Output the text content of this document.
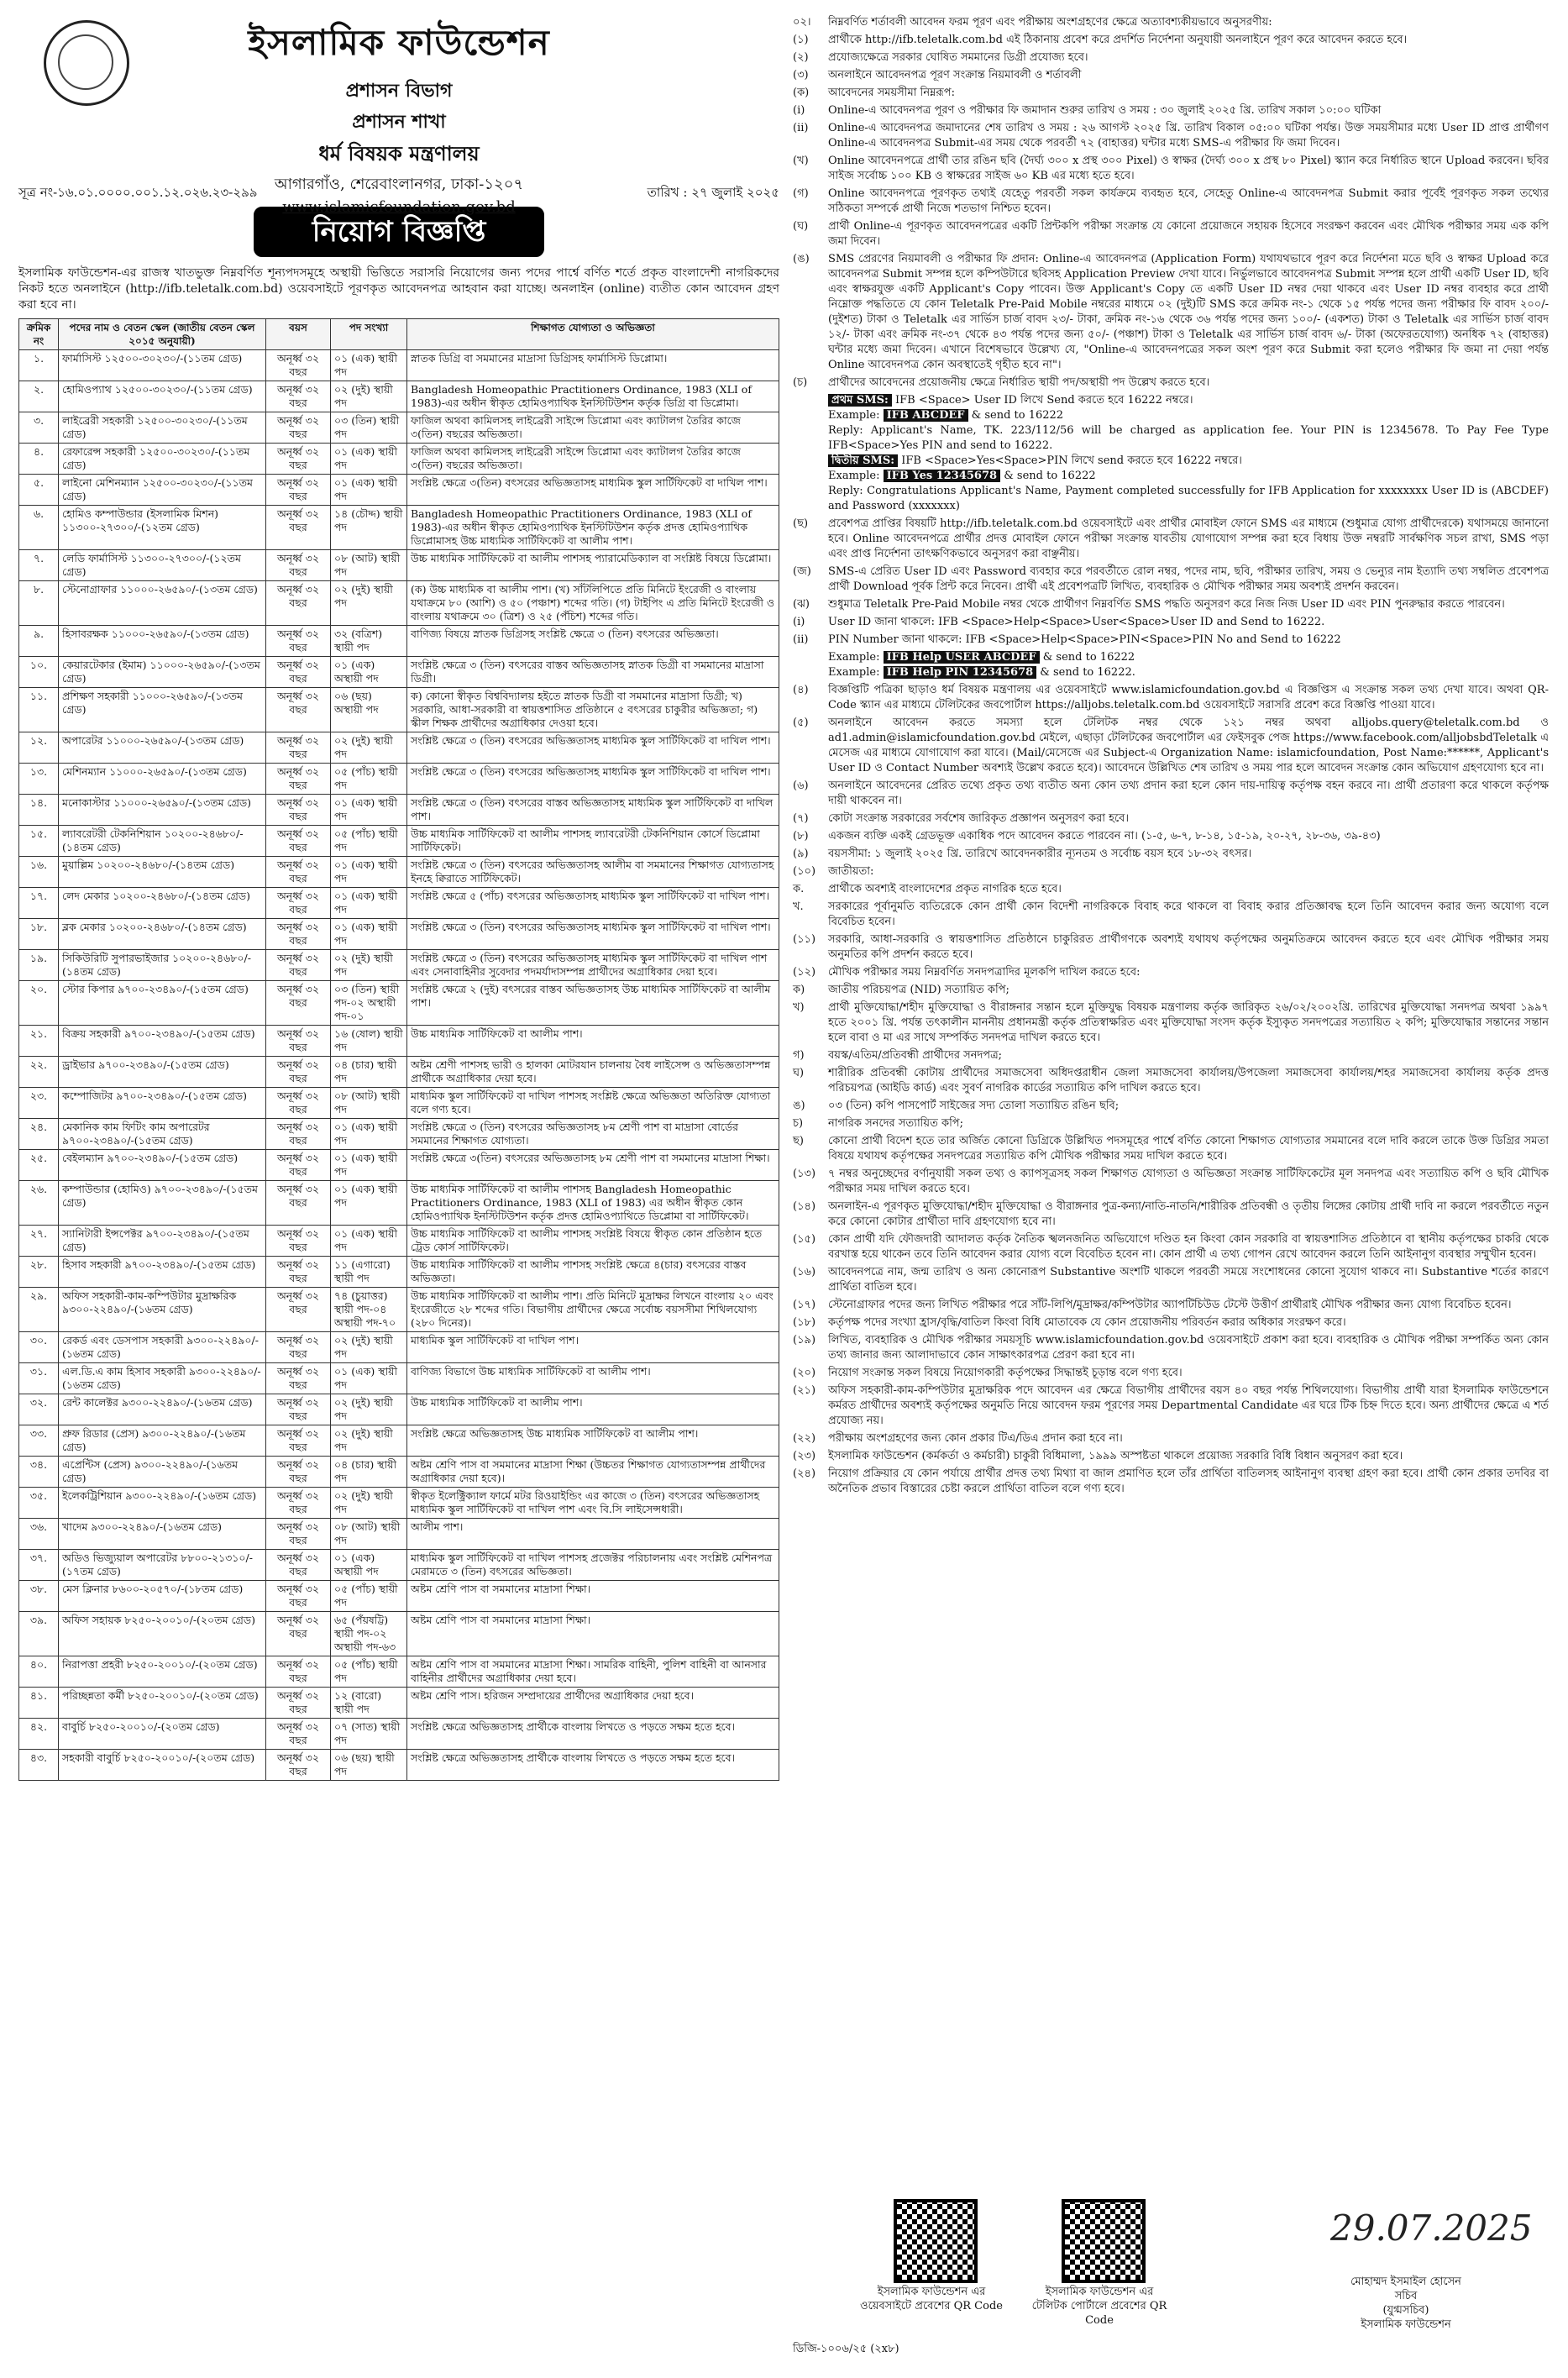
ইসলামিক ফাউন্ডেশন
প্রশাসন বিভাগ
প্রশাসন শাখা
ধর্ম বিষয়ক মন্ত্রণালয়
আগারগাঁও, শেরেবাংলানগর, ঢাকা-১২০৭
www.islamicfoundation.gov.bd
সূত্র নং-১৬.০১.০০০০.০০১.১২.০২৬.২৩-২৯৯	তারিখ : ২৭ জুলাই ২০২৫
নিয়োগ বিজ্ঞপ্তি
ইসলামিক ফাউন্ডেশন-এর রাজস্ব খাতভুক্ত নিম্নবর্ণিত শূন্যপদসমূহে অস্থায়ী ভিত্তিতে সরাসরি নিয়োগের জন্য পদের পার্শ্বে বর্ণিত শর্তে প্রকৃত বাংলাদেশী নাগরিকদের নিকট হতে অনলাইনে (http://ifb.teletalk.com.bd) ওয়েবসাইটে পূরণকৃত আবেদনপত্র আহবান করা যাচ্ছে। অনলাইন (online) ব্যতীত কোন আবেদন গ্রহণ করা হবে না।
ক্রমিক নং	পদের নাম ও বেতন স্কেল (জাতীয় বেতন স্কেল ২০১৫ অনুযায়ী)	বয়স	পদ সংখ্যা	শিক্ষাগত যোগ্যতা ও অভিজ্ঞতা
১.	ফার্মাসিস্ট ১২৫০০-৩০২৩০/-(১১তম গ্রেড)	অনূর্ধ্ব ৩২ বছর	০১ (এক) স্থায়ী পদ	স্নাতক ডিগ্রি বা সমমানের মাদ্রাসা ডিগ্রিসহ ফার্মাসিস্ট ডিপ্লোমা।
২.	হোমিওপ্যাথ ১২৫০০-৩০২৩০/-(১১তম গ্রেড)	অনূর্ধ্ব ৩২ বছর	০২ (দুই) স্থায়ী পদ	Bangladesh Homeopathic Practitioners Ordinance, 1983 (XLI of 1983)-এর অধীন স্বীকৃত হোমিওপ্যাথিক ইনস্টিটিউশন কর্তৃক ডিগ্রি বা ডিপ্লোমা।
৩.	লাইব্রেরী সহকারী ১২৫০০-৩০২৩০/-(১১তম গ্রেড)	অনূর্ধ্ব ৩২ বছর	০৩ (তিন) স্থায়ী পদ	ফাজিল অথবা কামিলসহ লাইব্রেরী সাইন্সে ডিপ্লোমা এবং ক্যাটালগ তৈরির কাজে ৩(তিন) বছরের অভিজ্ঞতা।
৪.	রেফারেন্স সহকারী ১২৫০০-৩০২৩০/-(১১তম গ্রেড)	অনূর্ধ্ব ৩২ বছর	০১ (এক) স্থায়ী পদ	ফাজিল অথবা কামিলসহ লাইব্রেরী সাইন্সে ডিপ্লোমা এবং ক্যাটালগ তৈরির কাজে ৩(তিন) বছরের অভিজ্ঞতা।
৫.	লাইনো মেশিনম্যান ১২৫০০-৩০২৩০/-(১১তম গ্রেড)	অনূর্ধ্ব ৩২ বছর	০১ (এক) স্থায়ী পদ	সংশ্লিষ্ট ক্ষেত্রে ৩(তিন) বৎসরের অভিজ্ঞতাসহ মাধ্যমিক স্কুল সার্টিফিকেট বা দাখিল পাশ।
৬.	হোমিও কম্পাউন্ডার (ইসলামিক মিশন) ১১৩০০-২৭৩০০/-(১২তম গ্রেড)	অনূর্ধ্ব ৩২ বছর	১৪ (চৌদ্দ) স্থায়ী পদ	Bangladesh Homeopathic Practitioners Ordinance, 1983 (XLI of 1983)-এর অধীন স্বীকৃত হোমিওপ্যাথিক ইনস্টিটিউশন কর্তৃক প্রদত্ত হোমিওপ্যাথিক ডিপ্লোমাসহ উচ্চ মাধ্যমিক সার্টিফিকেট বা আলীম পাশ।
৭.	লেডি ফার্মাসিস্ট ১১৩০০-২৭৩০০/-(১২তম গ্রেড)	অনূর্ধ্ব ৩২ বছর	০৮ (আট) স্থায়ী পদ	উচ্চ মাধ্যমিক সার্টিফিকেট বা আলীম পাশসহ প্যারামেডিক্যাল বা সংশ্লিষ্ট বিষয়ে ডিপ্লোমা।
৮.	স্টেনোগ্রাফার ১১০০০-২৬৫৯০/-(১৩তম গ্রেড)	অনূর্ধ্ব ৩২ বছর	০২ (দুই) স্থায়ী পদ	(ক) উচ্চ মাধ্যমিক বা আলীম পাশ। (খ) সাঁটলিপিতে প্রতি মিনিটে ইংরেজী ও বাংলায় যথাক্রমে ৮০ (আশি) ও ৫০ (পঞ্চাশ) শব্দের গতি। (গ) টাইপিং এ প্রতি মিনিটে ইংরেজী ও বাংলায় যথাক্রমে ৩০ (ত্রিশ) ও ২৫ (পঁচিশ) শব্দের গতি।
৯.	হিসাবরক্ষক ১১০০০-২৬৫৯০/-(১৩তম গ্রেড)	অনূর্ধ্ব ৩২ বছর	৩২ (বত্রিশ) স্থায়ী পদ	বাণিজ্য বিষয়ে স্নাতক ডিগ্রিসহ সংশ্লিষ্ট ক্ষেত্রে ৩ (তিন) বৎসরের অভিজ্ঞতা।
১০.	কেয়ারটেকার (ইমাম) ১১০০০-২৬৫৯০/-(১৩তম গ্রেড)	অনূর্ধ্ব ৩২ বছর	০১ (এক) অস্থায়ী পদ	সংশ্লিষ্ট ক্ষেত্রে ৩ (তিন) বৎসরের বাস্তব অভিজ্ঞতাসহ স্নাতক ডিগ্রী বা সমমানের মাদ্রাসা ডিগ্রী।
১১.	প্রশিক্ষণ সহকারী ১১০০০-২৬৫৯০/-(১৩তম গ্রেড)	অনূর্ধ্ব ৩২ বছর	০৬ (ছয়) অস্থায়ী পদ	ক) কোনো স্বীকৃত বিশ্ববিদ্যালয় হইতে স্নাতক ডিগ্রী বা সমমানের মাদ্রাসা ডিগ্রী; খ) সরকারি, আধা-সরকারী বা স্বায়ত্তশাসিত প্রতিষ্ঠানে ৫ বৎসরের চাকুরীর অভিজ্ঞতা; গ) স্কীল শিক্ষক প্রার্থীদের অগ্রাধিকার দেওয়া হবে।
১২.	অপারেটর ১১০০০-২৬৫৯০/-(১৩তম গ্রেড)	অনূর্ধ্ব ৩২ বছর	০২ (দুই) স্থায়ী পদ	সংশ্লিষ্ট ক্ষেত্রে ৩ (তিন) বৎসরের অভিজ্ঞতাসহ মাধ্যমিক স্কুল সার্টিফিকেট বা দাখিল পাশ।
১৩.	মেশিনম্যান ১১০০০-২৬৫৯০/-(১৩তম গ্রেড)	অনূর্ধ্ব ৩২ বছর	০৫ (পাঁচ) স্থায়ী পদ	সংশ্লিষ্ট ক্ষেত্রে ৩ (তিন) বৎসরের অভিজ্ঞতাসহ মাধ্যমিক স্কুল সার্টিফিকেট বা দাখিল পাশ।
১৪.	মনোকাস্টার ১১০০০-২৬৫৯০/-(১৩তম গ্রেড)	অনূর্ধ্ব ৩২ বছর	০১ (এক) স্থায়ী পদ	সংশ্লিষ্ট ক্ষেত্রে ৩ (তিন) বৎসরের বাস্তব অভিজ্ঞতাসহ মাধ্যমিক স্কুল সার্টিফিকেট বা দাখিল পাশ।
১৫.	ল্যাবরেটরী টেকনিশিয়ান ১০২০০-২৪৬৮০/-(১৪তম গ্রেড)	অনূর্ধ্ব ৩২ বছর	০৫ (পাঁচ) স্থায়ী পদ	উচ্চ মাধ্যমিক সার্টিফিকেট বা আলীম পাশসহ ল্যাবরেটরী টেকনিশিয়ান কোর্সে ডিপ্লোমা সার্টিফিকেট।
১৬.	মুয়াল্লিম ১০২০০-২৪৬৮০/-(১৪তম গ্রেড)	অনূর্ধ্ব ৩২ বছর	০১ (এক) স্থায়ী পদ	সংশ্লিষ্ট ক্ষেত্রে ৩ (তিন) বৎসরের অভিজ্ঞতাসহ আলীম বা সমমানের শিক্ষাগত যোগ্যতাসহ ইনহে ক্বিরাতে সার্টিফিকেট।
১৭.	লেদ মেকার ১০২০০-২৪৬৮০/-(১৪তম গ্রেড)	অনূর্ধ্ব ৩২ বছর	০১ (এক) স্থায়ী পদ	সংশ্লিষ্ট ক্ষেত্রে ৫ (পাঁচ) বৎসরের অভিজ্ঞতাসহ মাধ্যমিক স্কুল সার্টিফিকেট বা দাখিল পাশ।
১৮.	ব্লক মেকার ১০২০০-২৪৬৮০/-(১৪তম গ্রেড)	অনূর্ধ্ব ৩২ বছর	০১ (এক) স্থায়ী পদ	সংশ্লিষ্ট ক্ষেত্রে ৩ (তিন) বৎসরের অভিজ্ঞতাসহ মাধ্যমিক স্কুল সার্টিফিকেট বা দাখিল পাশ।
১৯.	সিকিউরিটি সুপারভাইজার ১০২০০-২৪৬৮০/-(১৪তম গ্রেড)	অনূর্ধ্ব ৩২ বছর	০২ (দুই) স্থায়ী পদ	সংশ্লিষ্ট ক্ষেত্রে ৩ (তিন) বৎসরের অভিজ্ঞতাসহ মাধ্যমিক স্কুল সার্টিফিকেট বা দাখিল পাশ এবং সেনাবাহিনীর সুবেদার পদমর্যাদাসম্পন্ন প্রার্থীদের অগ্রাধিকার দেয়া হবে।
২০.	স্টোর কিপার ৯৭০০-২৩৪৯০/-(১৫তম গ্রেড)	অনূর্ধ্ব ৩২ বছর	০৩ (তিন) স্থায়ী পদ-০২ অস্থায়ী পদ-০১	সংশ্লিষ্ট ক্ষেত্রে ২ (দুই) বৎসরের বাস্তব অভিজ্ঞতাসহ উচ্চ মাধ্যমিক সার্টিফিকেট বা আলীম পাশ।
২১.	বিক্রয় সহকারী ৯৭০০-২৩৪৯০/-(১৫তম গ্রেড)	অনূর্ধ্ব ৩২ বছর	১৬ (ষোল) স্থায়ী পদ	উচ্চ মাধ্যমিক সার্টিফিকেট বা আলীম পাশ।
২২.	ড্রাইভার ৯৭০০-২৩৪৯০/-(১৫তম গ্রেড)	অনূর্ধ্ব ৩২ বছর	০৪ (চার) স্থায়ী পদ	অষ্টম শ্রেণী পাশসহ ভারী ও হালকা মোটরযান চালনায় বৈধ লাইসেন্স ও অভিজ্ঞতাসম্পন্ন প্রার্থীকে অগ্রাধিকার দেয়া হবে।
২৩.	কম্পোজিটর ৯৭০০-২৩৪৯০/-(১৫তম গ্রেড)	অনূর্ধ্ব ৩২ বছর	০৮ (আট) স্থায়ী পদ	মাধ্যমিক স্কুল সার্টিফিকেট বা দাখিল পাশসহ সংশ্লিষ্ট ক্ষেত্রে অভিজ্ঞতা অতিরিক্ত যোগ্যতা বলে গণ্য হবে।
২৪.	মেকানিক কাম ফিটিং কাম অপারেটর ৯৭০০-২৩৪৯০/-(১৫তম গ্রেড)	অনূর্ধ্ব ৩২ বছর	০১ (এক) স্থায়ী পদ	সংশ্লিষ্ট ক্ষেত্রে ৩ (তিন) বৎসরের অভিজ্ঞতাসহ ৮ম শ্রেণী পাশ বা মাদ্রাসা বোর্ডের সমমানের শিক্ষাগত যোগ্যতা।
২৫.	বেইলম্যান ৯৭০০-২৩৪৯০/-(১৫তম গ্রেড)	অনূর্ধ্ব ৩২ বছর	০১ (এক) স্থায়ী পদ	সংশ্লিষ্ট ক্ষেত্রে ৩(তিন) বৎসরের অভিজ্ঞতাসহ ৮ম শ্রেণী পাশ বা সমমানের মাদ্রাসা শিক্ষা।
২৬.	কম্পাউন্ডার (হোমিও) ৯৭০০-২৩৪৯০/-(১৫তম গ্রেড)	অনূর্ধ্ব ৩২ বছর	০১ (এক) স্থায়ী পদ	উচ্চ মাধ্যমিক সার্টিফিকেট বা আলীম পাশসহ Bangladesh Homeopathic Practitioners Ordinance, 1983 (XLI of 1983) এর অধীন স্বীকৃত কোন হোমিওপ্যাথিক ইনস্টিটিউশন কর্তৃক প্রদত্ত হোমিওপ্যাথিতে ডিপ্লোমা বা সার্টিফিকেট।
২৭.	স্যানিটারী ইন্সপেক্টর ৯৭০০-২৩৪৯০/-(১৫তম গ্রেড)	অনূর্ধ্ব ৩২ বছর	০১ (এক) স্থায়ী পদ	উচ্চ মাধ্যমিক সার্টিফিকেট বা আলীম পাশসহ সংশ্লিষ্ট বিষয়ে স্বীকৃত কোন প্রতিষ্ঠান হতে ট্রেড কোর্স সার্টিফিকেট।
২৮.	হিসাব সহকারী ৯৭০০-২৩৪৯০/-(১৫তম গ্রেড)	অনূর্ধ্ব ৩২ বছর	১১ (এগারো) স্থায়ী পদ	উচ্চ মাধ্যমিক সার্টিফিকেট বা আলীম পাশসহ সংশ্লিষ্ট ক্ষেত্রে ৪(চার) বৎসরের বাস্তব অভিজ্ঞতা।
২৯.	অফিস সহকারী-কাম-কম্পিউটার মুদ্রাক্ষরিক ৯৩০০-২২৪৯০/-(১৬তম গ্রেড)	অনূর্ধ্ব ৩২ বছর	৭৪ (চুয়াত্তর) স্থায়ী পদ-০৪ অস্থায়ী পদ-৭০	উচ্চ মাধ্যমিক সার্টিফিকেট বা আলীম পাশ। প্রতি মিনিটে মুদ্রাক্ষর লিখনে বাংলায় ২০ এবং ইংরেজীতে ২৮ শব্দের গতি। বিভাগীয় প্রার্থীদের ক্ষেত্রে সর্বোচ্চ বয়সসীমা শিথিলযোগ্য (২৮০ দিনের)।
৩০.	রেকর্ড এবং ডেসপাস সহকারী ৯৩০০-২২৪৯০/-(১৬তম গ্রেড)	অনূর্ধ্ব ৩২ বছর	০২ (দুই) স্থায়ী পদ	মাধ্যমিক স্কুল সার্টিফিকেট বা দাখিল পাশ।
৩১.	এল.ডি.এ কাম হিসাব সহকারী ৯৩০০-২২৪৯০/-(১৬তম গ্রেড)	অনূর্ধ্ব ৩২ বছর	০১ (এক) স্থায়ী পদ	বাণিজ্য বিভাগে উচ্চ মাধ্যমিক সার্টিফিকেট বা আলীম পাশ।
৩২.	রেন্ট কালেক্টর ৯৩০০-২২৪৯০/-(১৬তম গ্রেড)	অনূর্ধ্ব ৩২ বছর	০২ (দুই) স্থায়ী পদ	উচ্চ মাধ্যমিক সার্টিফিকেট বা আলীম পাশ।
৩৩.	প্রুফ রিডার (প্রেস) ৯৩০০-২২৪৯০/-(১৬তম গ্রেড)	অনূর্ধ্ব ৩২ বছর	০২ (দুই) স্থায়ী পদ	সংশ্লিষ্ট ক্ষেত্রে অভিজ্ঞতাসহ উচ্চ মাধ্যমিক সার্টিফিকেট বা আলীম পাশ।
৩৪.	এপ্রেন্টিস (প্রেস) ৯৩০০-২২৪৯০/-(১৬তম গ্রেড)	অনূর্ধ্ব ৩২ বছর	০৪ (চার) স্থায়ী পদ	অষ্টম শ্রেণি পাস বা সমমানের মাদ্রাসা শিক্ষা (উচ্চতর শিক্ষাগত যোগ্যতাসম্পন্ন প্রার্থীদের অগ্রাধিকার দেয়া হবে)।
৩৫.	ইলেকট্রিশিয়ান ৯৩০০-২২৪৯০/-(১৬তম গ্রেড)	অনূর্ধ্ব ৩২ বছর	০২ (দুই) স্থায়ী পদ	স্বীকৃত ইলেক্ট্রিক্যাল ফার্মে মটর রিওয়াইন্ডিং এর কাজে ৩ (তিন) বৎসরের অভিজ্ঞতাসহ মাধ্যমিক স্কুল সার্টিফিকেট বা দাখিল পাশ এবং বি.সি লাইসেন্সধারী।
৩৬.	খাদেম ৯৩০০-২২৪৯০/-(১৬তম গ্রেড)	অনূর্ধ্ব ৩২ বছর	০৮ (আট) স্থায়ী পদ	আলীম পাশ।
৩৭.	অডিও ভিজ্যুয়াল অপারেটর ৮৮০০-২১৩১০/-(১৭তম গ্রেড)	অনূর্ধ্ব ৩২ বছর	০১ (এক) অস্থায়ী পদ	মাধ্যমিক স্কুল সার্টিফিকেট বা দাখিল পাশসহ প্রজেক্টর পরিচালনায় এবং সংশ্লিষ্ট মেশিনপত্র মেরামতে ৩ (তিন) বৎসরের অভিজ্ঞতা।
৩৮.	মেস ক্লিনার ৮৬০০-২০৫৭০/-(১৮তম গ্রেড)	অনূর্ধ্ব ৩২ বছর	০৫ (পাঁচ) স্থায়ী পদ	অষ্টম শ্রেণি পাস বা সমমানের মাদ্রাসা শিক্ষা।
৩৯.	অফিস সহায়ক ৮২৫০-২০০১০/-(২০তম গ্রেড)	অনূর্ধ্ব ৩২ বছর	৬৫ (পঁয়ষট্টি) স্থায়ী পদ-০২ অস্থায়ী পদ-৬৩	অষ্টম শ্রেণি পাস বা সমমানের মাদ্রাসা শিক্ষা।
৪০.	নিরাপত্তা প্রহরী ৮২৫০-২০০১০/-(২০তম গ্রেড)	অনূর্ধ্ব ৩২ বছর	০৫ (পাঁচ) স্থায়ী পদ	অষ্টম শ্রেণি পাস বা সমমানের মাদ্রাসা শিক্ষা। সামরিক বাহিনী, পুলিশ বাহিনী বা আনসার বাহিনীর প্রার্থীদের অগ্রাধিকার দেয়া হবে।
৪১.	পরিচ্ছন্নতা কর্মী ৮২৫০-২০০১০/-(২০তম গ্রেড)	অনূর্ধ্ব ৩২ বছর	১২ (বারো) স্থায়ী পদ	অষ্টম শ্রেণি পাস। হরিজন সম্প্রদায়ের প্রার্থীদের অগ্রাধিকার দেয়া হবে।
৪২.	বাবুর্চি ৮২৫০-২০০১০/-(২০তম গ্রেড)	অনূর্ধ্ব ৩২ বছর	০৭ (সাত) স্থায়ী পদ	সংশ্লিষ্ট ক্ষেত্রে অভিজ্ঞতাসহ প্রার্থীকে বাংলায় লিখতে ও পড়তে সক্ষম হতে হবে।
৪৩.	সহকারী বাবুর্চি ৮২৫০-২০০১০/-(২০তম গ্রেড)	অনূর্ধ্ব ৩২ বছর	০৬ (ছয়) স্থায়ী পদ	সংশ্লিষ্ট ক্ষেত্রে অভিজ্ঞতাসহ প্রার্থীকে বাংলায় লিখতে ও পড়তে সক্ষম হতে হবে।
০২।	নিম্নবর্ণিত শর্তাবলী আবেদন ফরম পূরণ এবং পরীক্ষায় অংশগ্রহণের ক্ষেত্রে অত্যাবশ্যকীয়ভাবে অনুসরণীয়:
(১)	প্রার্থীকে http://ifb.teletalk.com.bd এই ঠিকানায় প্রবেশ করে প্রদর্শিত নির্দেশনা অনুযায়ী অনলাইনে পূরণ করে আবেদন করতে হবে।
(২)	প্রযোজ্যক্ষেত্রে সরকার ঘোষিত সমমানের ডিগ্রী প্রযোজ্য হবে।
(৩)	অনলাইনে আবেদনপত্র পূরণ সংক্রান্ত নিয়মাবলী ও শর্তাবলী
(ক)	আবেদনের সময়সীমা নিম্নরূপ:
(i)	Online-এ আবেদনপত্র পূরণ ও পরীক্ষার ফি জমাদান শুরুর তারিখ ও সময় : ৩০ জুলাই ২০২৫ খ্রি. তারিখ সকাল ১০:০০ ঘটিকা
(ii)	Online-এ আবেদনপত্র জমাদানের শেষ তারিখ ও সময় : ২৬ আগস্ট ২০২৫ খ্রি. তারিখ বিকাল ০৫:০০ ঘটিকা পর্যন্ত। উক্ত সময়সীমার মধ্যে User ID প্রাপ্ত প্রার্থীগণ Online-এ আবেদনপত্র Submit-এর সময় থেকে পরবর্তী ৭২ (বাহাত্তর) ঘন্টার মধ্যে SMS-এ পরীক্ষার ফি জমা দিবেন।
(খ)	Online আবেদনপত্রে প্রার্থী তার রঙিন ছবি (দৈর্ঘ্য ৩০০ x প্রস্থ ৩০০ Pixel) ও স্বাক্ষর (দৈর্ঘ্য ৩০০ x প্রস্থ ৮০ Pixel) স্ক্যান করে নির্ধারিত স্থানে Upload করবেন। ছবির সাইজ সর্বোচ্চ ১০০ KB ও স্বাক্ষরের সাইজ ৬০ KB এর মধ্যে হতে হবে।
(গ)	Online আবেদনপত্রে পূরণকৃত তথ্যই যেহেতু পরবর্তী সকল কার্যক্রমে ব্যবহৃত হবে, সেহেতু Online-এ আবেদনপত্র Submit করার পূর্বেই পূরণকৃত সকল তথ্যের সঠিকতা সম্পর্কে প্রার্থী নিজে শতভাগ নিশ্চিত হবেন।
(ঘ)	প্রার্থী Online-এ পূরণকৃত আবেদনপত্রের একটি প্রিন্টকপি পরীক্ষা সংক্রান্ত যে কোনো প্রয়োজনে সহায়ক হিসেবে সংরক্ষণ করবেন এবং মৌখিক পরীক্ষার সময় এক কপি জমা দিবেন।
(ঙ)	SMS প্রেরণের নিয়মাবলী ও পরীক্ষার ফি প্রদান: Online-এ আবেদনপত্র (Application Form) যথাযথভাবে পূরণ করে নির্দেশনা মতে ছবি ও স্বাক্ষর Upload করে আবেদনপত্র Submit সম্পন্ন হলে কম্পিউটারে ছবিসহ Application Preview দেখা যাবে। নির্ভুলভাবে আবেদনপত্র Submit সম্পন্ন হলে প্রার্থী একটি User ID, ছবি এবং স্বাক্ষরযুক্ত একটি Applicant's Copy পাবেন। উক্ত Applicant's Copy তে একটি User ID নম্বর দেয়া থাকবে এবং User ID নম্বর ব্যবহার করে প্রার্থী নিম্নোক্ত পদ্ধতিতে যে কোন Teletalk Pre-Paid Mobile নম্বরের মাধ্যমে ০২ (দুই)টি SMS করে ক্রমিক নং-১ থেকে ১৫ পর্যন্ত পদের জন্য পরীক্ষার ফি বাবদ ২০০/- (দুইশত) টাকা ও Teletalk এর সার্ভিস চার্জ বাবদ ২৩/- টাকা, ক্রমিক নং-১৬ থেকে ৩৬ পর্যন্ত পদের জন্য ১০০/- (একশত) টাকা ও Teletalk এর সার্ভিস চার্জ বাবদ ১২/- টাকা এবং ক্রমিক নং-৩৭ থেকে ৪৩ পর্যন্ত পদের জন্য ৫০/- (পঞ্চাশ) টাকা ও Teletalk এর সার্ভিস চার্জ বাবদ ৬/- টাকা (অফেরতযোগ্য) অনধিক ৭২ (বাহাত্তর) ঘন্টার মধ্যে জমা দিবেন। এখানে বিশেষভাবে উল্লেখ্য যে, "Online-এ আবেদনপত্রের সকল অংশ পূরণ করে Submit করা হলেও পরীক্ষার ফি জমা না দেয়া পর্যন্ত Online আবেদনপত্র কোন অবস্থাতেই গৃহীত হবে না"।
(চ)	প্রার্থীদের আবেদনের প্রয়োজনীয় ক্ষেত্রে নির্ধারিত স্থায়ী পদ/অস্থায়ী পদ উল্লেখ করতে হবে।
প্রথম SMS: IFB <Space> User ID লিখে Send করতে হবে 16222 নম্বরে।
Example: IFB ABCDEF & send to 16222
Reply: Applicant's Name, TK. 223/112/56 will be charged as application fee. Your PIN is 12345678. To Pay Fee Type IFB<Space>Yes PIN and send to 16222.
দ্বিতীয় SMS: IFB <Space>Yes<Space>PIN লিখে send করতে হবে 16222 নম্বরে।
Example: IFB Yes 12345678 & send to 16222
Reply: Congratulations Applicant's Name, Payment completed successfully for IFB Application for xxxxxxxx User ID is (ABCDEF) and Password (xxxxxxx)
(ছ)	প্রবেশপত্র প্রাপ্তির বিষয়টি http://ifb.teletalk.com.bd ওয়েবসাইটে এবং প্রার্থীর মোবাইল ফোনে SMS এর মাধ্যমে (শুধুমাত্র যোগ্য প্রার্থীদেরকে) যথাসময়ে জানানো হবে। Online আবেদনপত্রে প্রার্থীর প্রদত্ত মোবাইল ফোনে পরীক্ষা সংক্রান্ত যাবতীয় যোগাযোগ সম্পন্ন করা হবে বিধায় উক্ত নম্বরটি সার্বক্ষণিক সচল রাখা, SMS পড়া এবং প্রাপ্ত নির্দেশনা তাৎক্ষণিকভাবে অনুসরণ করা বাঞ্ছনীয়।
(জ)	SMS-এ প্রেরিত User ID এবং Password ব্যবহার করে পরবর্তীতে রোল নম্বর, পদের নাম, ছবি, পরীক্ষার তারিখ, সময় ও ভেন্যুর নাম ইত্যাদি তথ্য সম্বলিত প্রবেশপত্র প্রার্থী Download পূর্বক প্রিন্ট করে নিবেন। প্রার্থী এই প্রবেশপত্রটি লিখিত, ব্যবহারিক ও মৌখিক পরীক্ষার সময় অবশ্যই প্রদর্শন করবেন।
(ঝ)	শুধুমাত্র Teletalk Pre-Paid Mobile নম্বর থেকে প্রার্থীগণ নিম্নবর্ণিত SMS পদ্ধতি অনুসরণ করে নিজ নিজ User ID এবং PIN পুনরুদ্ধার করতে পারবেন।
(i)	User ID জানা থাকলে: IFB <Space>Help<Space>User<Space>User ID and Send to 16222.
(ii)	PIN Number জানা থাকলে: IFB <Space>Help<Space>PIN<Space>PIN No and Send to 16222
Example: IFB Help USER ABCDEF & send to 16222
Example: IFB Help PIN 12345678 & send to 16222.
(৪)	বিজ্ঞপ্তিটি পত্রিকা ছাড়াও ধর্ম বিষয়ক মন্ত্রণালয় এর ওয়েবসাইটে www.islamicfoundation.gov.bd এ বিজ্ঞপ্তিস এ সংক্রান্ত সকল তথ্য দেখা যাবে। অথবা QR-Code স্ক্যান এর মাধ্যমে টেলিটকের জবপোর্টাল https://alljobs.teletalk.com.bd ওয়েবসাইটে সরাসরি প্রবেশ করে বিজ্ঞপ্তি পাওয়া যাবে।
(৫)	অনলাইনে আবেদন করতে সমস্যা হলে টেলিটক নম্বর থেকে ১২১ নম্বর অথবা alljobs.query@teletalk.com.bd ও ad1.admin@islamicfoundation.gov.bd মেইলে, এছাড়া টেলিটকের জবপোর্টাল এর ফেইসবুক পেজ https://www.facebook.com/alljobsbdTeletalk এ মেসেজ এর মাধ্যমে যোগাযোগ করা যাবে। (Mail/মেসেজে এর Subject-এ Organization Name: islamicfoundation, Post Name:******, Applicant's User ID ও Contact Number অবশ্যই উল্লেখ করতে হবে)। আবেদনে উল্লিখিত শেষ তারিখ ও সময় পার হলে আবেদন সংক্রান্ত কোন অভিযোগ গ্রহণযোগ্য হবে না।
(৬)	অনলাইনে আবেদনের প্রেরিত তথ্যে প্রকৃত তথ্য ব্যতীত অন্য কোন তথ্য প্রদান করা হলে কোন দায়-দায়িত্ব কর্তৃপক্ষ বহন করবে না। প্রার্থী প্রতারণা করে থাকলে কর্তৃপক্ষ দায়ী থাকবেন না।
(৭)	কোটা সংক্রান্ত সরকারের সর্বশেষ জারিকৃত প্রজ্ঞাপন অনুসরণ করা হবে।
(৮)	একজন ব্যক্তি একই গ্রেডভূক্ত একাধিক পদে আবেদন করতে পারবেন না। (১-৫, ৬-৭, ৮-১৪, ১৫-১৯, ২০-২৭, ২৮-৩৬, ৩৯-৪৩)
(৯)	বয়সসীমা: ১ জুলাই ২০২৫ খ্রি. তারিখে আবেদনকারীর ন্যূনতম ও সর্বোচ্চ বয়স হবে ১৮-৩২ বৎসর।
(১০)	জাতীয়তা:
ক.	প্রার্থীকে অবশ্যই বাংলাদেশের প্রকৃত নাগরিক হতে হবে।
খ.	সরকারের পূর্বানুমতি ব্যতিরেকে কোন প্রার্থী কোন বিদেশী নাগরিককে বিবাহ করে থাকলে বা বিবাহ করার প্রতিজ্ঞাবদ্ধ হলে তিনি আবেদন করার জন্য অযোগ্য বলে বিবেচিত হবেন।
(১১)	সরকারি, আধা-সরকারি ও স্বায়ত্তশাসিত প্রতিষ্ঠানে চাকুরিরত প্রার্থীগণকে অবশ্যই যথাযথ কর্তৃপক্ষের অনুমতিক্রমে আবেদন করতে হবে এবং মৌখিক পরীক্ষার সময় অনুমতির কপি প্রদর্শন করতে হবে।
(১২)	মৌখিক পরীক্ষার সময় নিম্নবর্ণিত সনদপত্রাদির মূলকপি দাখিল করতে হবে:
ক)	জাতীয় পরিচয়পত্র (NID) সত্যায়িত কপি;
খ)	প্রার্থী মুক্তিযোদ্ধা/শহীদ মুক্তিযোদ্ধা ও বীরাঙ্গনার সন্তান হলে মুক্তিযুদ্ধ বিষয়ক মন্ত্রণালয় কর্তৃক জারিকৃত ২৬/০২/২০০২খ্রি. তারিখের মুক্তিযোদ্ধা সনদপত্র অথবা ১৯৯৭ হতে ২০০১ খ্রি. পর্যন্ত তৎকালীন মাননীয় প্রধানমন্ত্রী কর্তৃক প্রতিস্বাক্ষরিত এবং মুক্তিযোদ্ধা সংসদ কর্তৃক ইস্যুকৃত সনদপত্রের সত্যায়িত ২ কপি; মুক্তিযোদ্ধার সন্তানের সন্তান হলে বাবা ও মা এর সাথে সম্পর্কিত সনদপত্র দাখিল করতে হবে।
গ)	বয়স্ক/এতিম/প্রতিবন্ধী প্রার্থীদের সনদপত্র;
ঘ)	শারীরিক প্রতিবন্ধী কোটায় প্রার্থীদের সমাজসেবা অধিদপ্তরাধীন জেলা সমাজসেবা কার্যালয়/উপজেলা সমাজসেবা কার্যালয়/শহর সমাজসেবা কার্যালয় কর্তৃক প্রদত্ত পরিচয়পত্র (আইডি কার্ড) এবং সুবর্ণ নাগরিক কার্ডের সত্যায়িত কপি দাখিল করতে হবে।
ঙ)	০৩ (তিন) কপি পাসপোর্ট সাইজের সদ্য তোলা সত্যায়িত রঙিন ছবি;
চ)	নাগরিক সনদের সত্যায়িত কপি;
ছ)	কোনো প্রার্থী বিদেশ হতে তার অর্জিত কোনো ডিগ্রিকে উল্লিখিত পদসমূহের পার্শ্বে বর্ণিত কোনো শিক্ষাগত যোগ্যতার সমমানের বলে দাবি করলে তাকে উক্ত ডিগ্রির সমতা বিষয়ে যথাযথ কর্তৃপক্ষের সনদপত্রের সত্যায়িত কপি মৌখিক পরীক্ষার সময় দাখিল করতে হবে।
(১৩)	৭ নম্বর অনুচ্ছেদের বর্ণানুযায়ী সকল তথ্য ও ক্যাপসূত্রসহ সকল শিক্ষাগত যোগ্যতা ও অভিজ্ঞতা সংক্রান্ত সার্টিফিকেটের মূল সনদপত্র এবং সত্যায়িত কপি ও ছবি মৌখিক পরীক্ষার সময় দাখিল করতে হবে।
(১৪)	অনলাইন-এ পূরণকৃত মুক্তিযোদ্ধা/শহীদ মুক্তিযোদ্ধা ও বীরাঙ্গনার পুত্র-কন্যা/নাতি-নাতনি/শারীরিক প্রতিবন্ধী ও তৃতীয় লিঙ্গের কোটায় প্রার্থী দাবি না করলে পরবর্তীতে নতুন করে কোনো কোটার প্রার্থীতা দাবি গ্রহণযোগ্য হবে না।
(১৫)	কোন প্রার্থী যদি ফৌজদারী আদালত কর্তৃক নৈতিক স্খলনজনিত অভিযোগে দণ্ডিত হন কিংবা কোন সরকারি বা স্বায়ত্তশাসিত প্রতিষ্ঠানে বা স্থানীয় কর্তৃপক্ষের চাকরি থেকে বরখাস্ত হয়ে থাকেন তবে তিনি আবেদন করার যোগ্য বলে বিবেচিত হবেন না। কোন প্রার্থী এ তথ্য গোপন রেখে আবেদন করলে তিনি আইনানুগ ব্যবস্থার সম্মুখীন হবেন।
(১৬)	আবেদনপত্রে নাম, জন্ম তারিখ ও অন্য কোনোরূপ Substantive অংশটি থাকলে পরবর্তী সময়ে সংশোধনের কোনো সুযোগ থাকবে না। Substantive শর্তের কারণে প্রার্থিতা বাতিল হবে।
(১৭)	স্টেনোগ্রাফার পদের জন্য লিখিত পরীক্ষার পরে সাঁট-লিপি/মুদ্রাক্ষর/কম্পিউটার অ্যাপটিচিউড টেস্টে উত্তীর্ণ প্রার্থীরাই মৌখিক পরীক্ষার জন্য যোগ্য বিবেচিত হবেন।
(১৮)	কর্তৃপক্ষ পদের সংখ্যা হ্রাস/বৃদ্ধি/বাতিল কিংবা বিধি মোতাবেক যে কোন প্রয়োজনীয় পরিবর্তন করার অধিকার সংরক্ষণ করে।
(১৯)	লিখিত, ব্যবহারিক ও মৌখিক পরীক্ষার সময়সূচি www.islamicfoundation.gov.bd ওয়েবসাইটে প্রকাশ করা হবে। ব্যবহারিক ও মৌখিক পরীক্ষা সম্পর্কিত অন্য কোন তথ্য জানার জন্য আলাদাভাবে কোন সাক্ষাৎকারপত্র প্রেরণ করা হবে না।
(২০)	নিয়োগ সংক্রান্ত সকল বিষয়ে নিয়োগকারী কর্তৃপক্ষের সিদ্ধান্তই চূড়ান্ত বলে গণ্য হবে।
(২১)	অফিস সহকারী-কাম-কম্পিউটার মুদ্রাক্ষরিক পদে আবেদন এর ক্ষেত্রে বিভাগীয় প্রার্থীদের বয়স ৪০ বছর পর্যন্ত শিথিলযোগ্য। বিভাগীয় প্রার্থী যারা ইসলামিক ফাউন্ডেশনে কর্মরত প্রার্থীদের অবশ্যই কর্তৃপক্ষের অনুমতি নিয়ে আবেদন ফরম পূরণের সময় Departmental Candidate এর ঘরে টিক চিহ্ন দিতে হবে। অন্য প্রার্থীদের ক্ষেত্রে এ শর্ত প্রযোজ্য নয়।
(২২)	পরীক্ষায় অংশগ্রহণের জন্য কোন প্রকার টিএ/ডিএ প্রদান করা হবে না।
(২৩)	ইসলামিক ফাউন্ডেশন (কর্মকর্তা ও কর্মচারী) চাকুরী বিধিমালা, ১৯৯৯ অস্পষ্টতা থাকলে প্রয়োজ্য সরকারি বিধি বিধান অনুসরণ করা হবে।
(২৪)	নিয়োগ প্রক্রিয়ার যে কোন পর্যায়ে প্রার্থীর প্রদত্ত তথ্য মিথ্যা বা জাল প্রমাণিত হলে তাঁর প্রার্থিতা বাতিলসহ আইনানুগ ব্যবস্থা গ্রহণ করা হবে। প্রার্থী কোন প্রকার তদবির বা অনৈতিক প্রভাব বিস্তারের চেষ্টা করলে প্রার্থিতা বাতিল বলে গণ্য হবে।
ইসলামিক ফাউন্ডেশন এর ওয়েবসাইটে প্রবেশের QR Code
ইসলামিক ফাউন্ডেশন এর টেলিটক পোর্টালে প্রবেশের QR Code
29.07.2025
মোহাম্মদ ইসমাইল হোসেন
সচিব
(যুগ্মসচিব)
ইসলামিক ফাউন্ডেশন
ডিজি-১০০৬/২৫ (২x৮)
